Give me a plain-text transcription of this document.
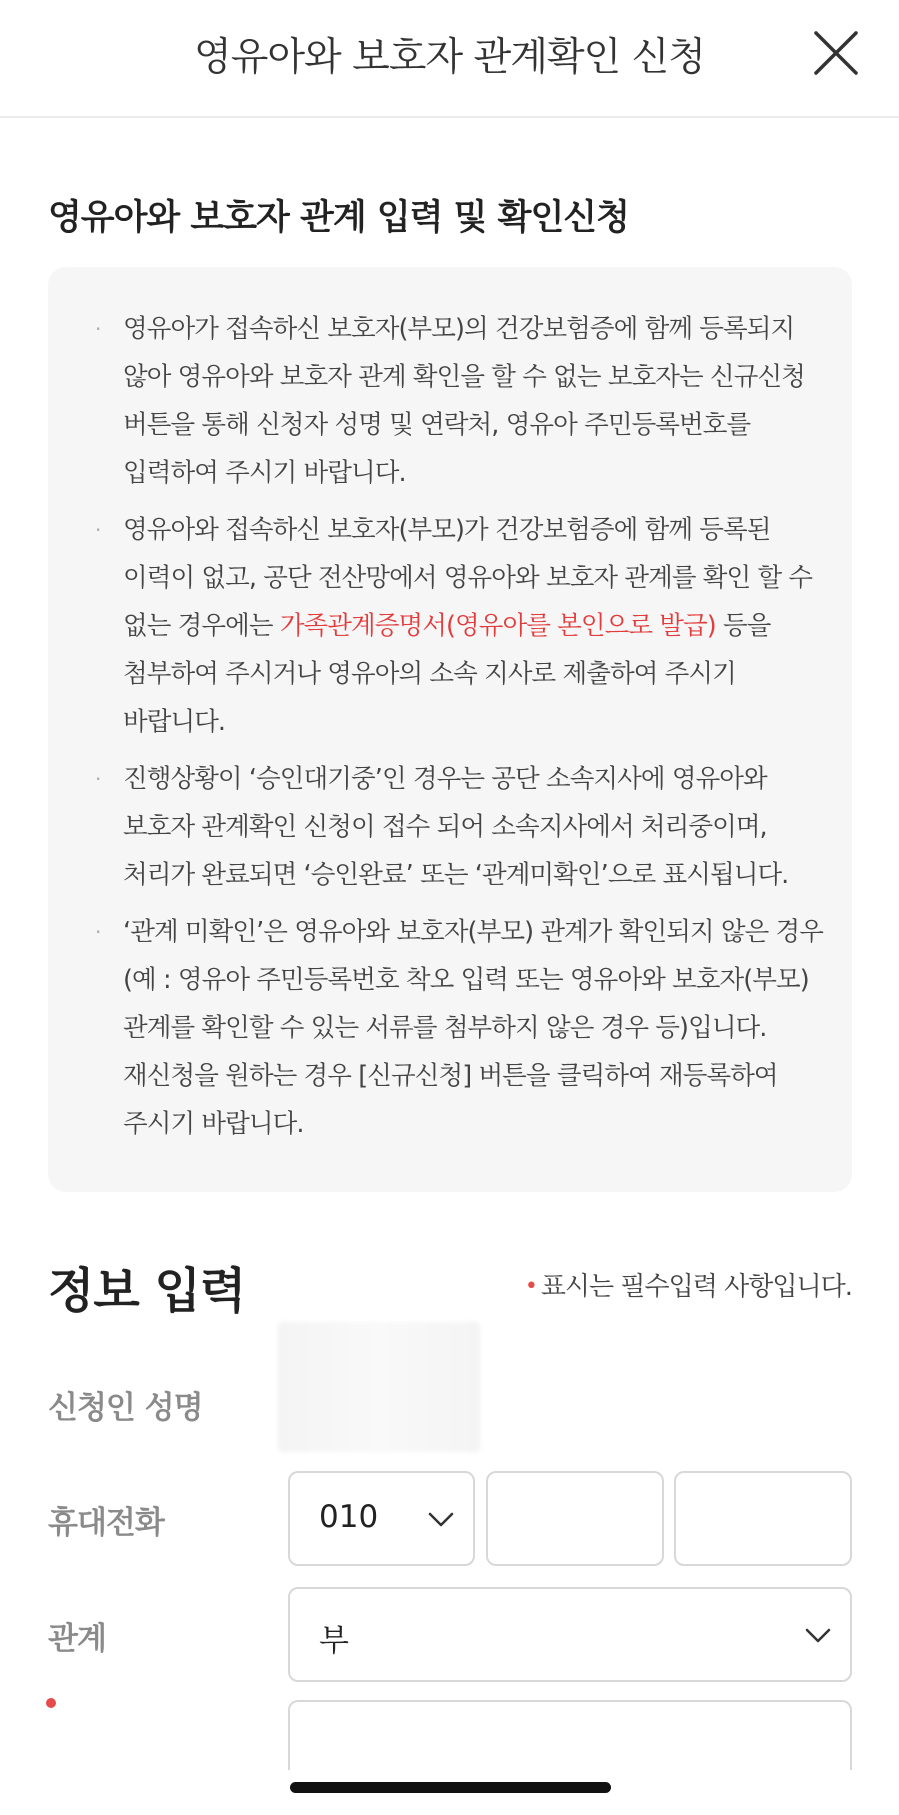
영유아와 보호자 관계확인 신청
영유아와 보호자 관계 입력 및 확인신청
· 영유아가 접속하신 보호자(부모)의 건강보험증에 함께 등록되지 않아 영유아와 보호자 관계 확인을 할 수 없는 보호자는 신규신청 버튼을 통해 신청자 성명 및 연락처, 영유아 주민등록번호를 입력하여 주시기 바랍니다.
· 영유아와 접속하신 보호자(부모)가 건강보험증에 함께 등록된 이력이 없고, 공단 전산망에서 영유아와 보호자 관계를 확인 할 수 없는 경우에는 가족관계증명서(영유아를 본인으로 발급) 등을 첨부하여 주시거나 영유아의 소속 지사로 제출하여 주시기 바랍니다.
· 진행상황이 ‘승인대기중’인 경우는 공단 소속지사에 영유아와 보호자 관계확인 신청이 접수 되어 소속지사에서 처리중이며, 처리가 완료되면 ‘승인완료’ 또는 ‘관계미확인’으로 표시됩니다.
· ‘관계 미확인’은 영유아와 보호자(부모) 관계가 확인되지 않은 경우(예 : 영유아 주민등록번호 착오 입력 또는 영유아와 보호자(부모) 관계를 확인할 수 있는 서류를 첨부하지 않은 경우 등)입니다. 재신청을 원하는 경우 [신규신청] 버튼을 클릭하여 재등록하여 주시기 바랍니다.
정보 입력	• 표시는 필수입력 사항입니다.
신청인 성명
휴대전화	010
관계	부
